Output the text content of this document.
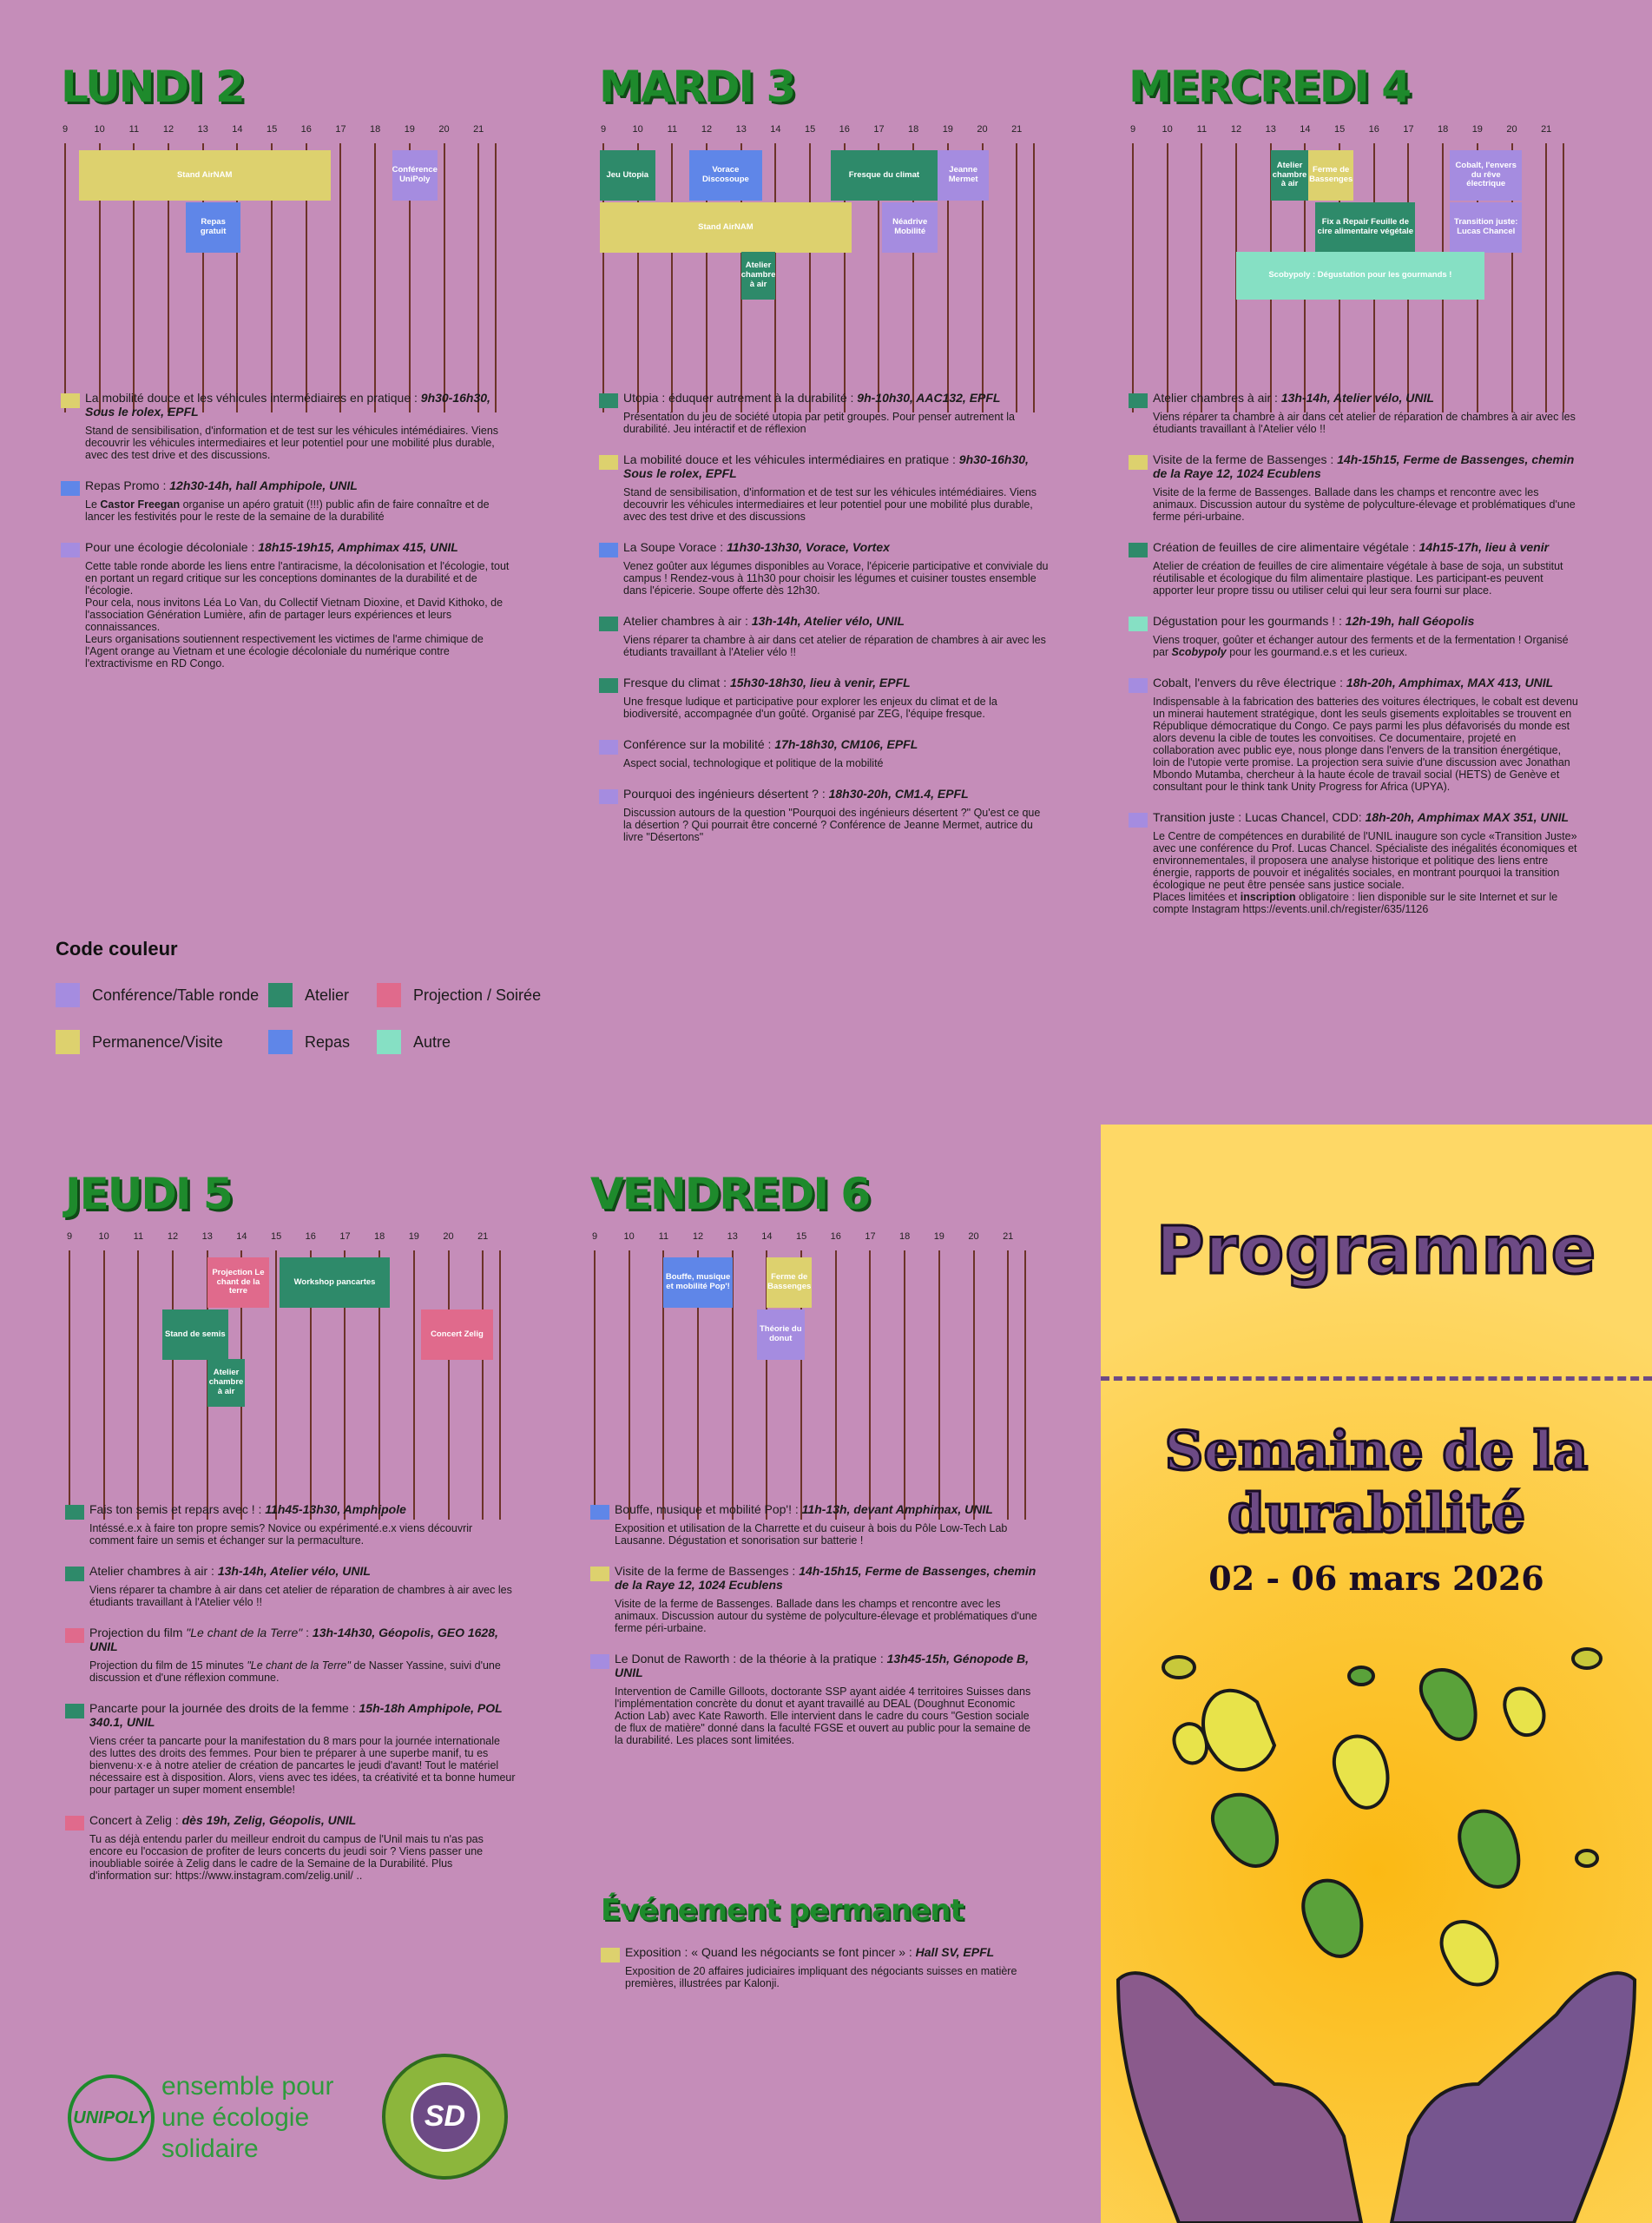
LUNDI 2
9	10	11	12	13	14	15	16	17	18	19	20	21
Stand AirNAM	Conférence UniPoly
Repas gratuit
La mobilité douce et les véhicules intermédiaires en pratique : 9h30-16h30, Sous le rolex, EPFL
Stand de sensibilisation, d'information et de test sur les véhicules intémédiaires. Viens decouvrir les véhicules intermediaires et leur potentiel pour une mobilité plus durable, avec des test drive et des discussions.
Repas Promo : 12h30-14h, hall Amphipole, UNIL
Le Castor Freegan organise un apéro gratuit (!!!) public afin de faire connaître et de lancer les festivités pour le reste de la semaine de la durabilité
Pour une écologie décoloniale : 18h15-19h15, Amphimax 415, UNIL
Cette table ronde aborde les liens entre l'antiracisme, la décolonisation et l'écologie, tout en portant un regard critique sur les conceptions dominantes de la durabilité et de l'écologie.
Pour cela, nous invitons Léa Lo Van, du Collectif Vietnam Dioxine, et David Kithoko, de l'association Génération Lumière, afin de partager leurs expériences et leurs connaissances.
Leurs organisations soutiennent respectivement les victimes de l'arme chimique de l'Agent orange au Vietnam et une écologie décoloniale du numérique contre l'extractivisme en RD Congo.
MARDI 3
9	10	11	12	13	14	15	16	17	18	19	20	21
Jeu Utopia	Vorace Discosoupe	Fresque du climat	Jeanne Mermet
Stand AirNAM	Néadrive Mobilité
Atelier chambre à air
Utopia : éduquer autrement à la durabilité : 9h-10h30, AAC132, EPFL
Présentation du jeu de société utopia par petit groupes. Pour penser autrement la durabilité. Jeu intéractif et de réflexion
La mobilité douce et les véhicules intermédiaires en pratique : 9h30-16h30, Sous le rolex, EPFL
Stand de sensibilisation, d'information et de test sur les véhicules intémédiaires. Viens decouvrir les véhicules intermediaires et leur potentiel pour une mobilité plus durable, avec des test drive et des discussions
La Soupe Vorace : 11h30-13h30, Vorace, Vortex
Venez goûter aux légumes disponibles au Vorace, l'épicerie participative et conviviale du campus ! Rendez-vous à 11h30 pour choisir les légumes et cuisiner toustes ensemble dans l'épicerie. Soupe offerte dès 12h30.
Atelier chambres à air : 13h-14h, Atelier vélo, UNIL
Viens réparer ta chambre à air dans cet atelier de réparation de chambres à air avec les étudiants travaillant à l'Atelier vélo !!
Fresque du climat : 15h30-18h30, lieu à venir, EPFL
Une fresque ludique et participative pour explorer les enjeux du climat et de la biodiversité, accompagnée d'un goûté. Organisé par ZEG, l'équipe fresque.
Conférence sur la mobilité : 17h-18h30, CM106, EPFL
Aspect social, technologique et politique de la mobilité
Pourquoi des ingénieurs désertent ? : 18h30-20h, CM1.4, EPFL
Discussion autours de la question "Pourquoi des ingénieurs désertent ?" Qu'est ce que la désertion ? Qui pourrait être concerné ? Conférence de Jeanne Mermet, autrice du livre "Désertons"
MERCREDI 4
9	10	11	12	13	14	15	16	17	18	19	20	21
Atelier chambre à air
Ferme de Bassenges
Cobalt, l'envers du rêve électrique
Fix a Repair Feuille de cire alimentaire végétale
Transition juste: Lucas Chancel
Scobypoly : Dégustation pour les gourmands !
Atelier chambres à air : 13h-14h, Atelier vélo, UNIL
Viens réparer ta chambre à air dans cet atelier de réparation de chambres à air avec les étudiants travaillant à l'Atelier vélo !!
Visite de la ferme de Bassenges : 14h-15h15, Ferme de Bassenges, chemin de la Raye 12, 1024 Ecublens
Visite de la ferme de Bassenges. Ballade dans les champs et rencontre avec les animaux. Discussion autour du système de polyculture-élevage et problématiques d'une ferme péri-urbaine.
Création de feuilles de cire alimentaire végétale : 14h15-17h, lieu à venir
Atelier de création de feuilles de cire alimentaire végétale à base de soja, un substitut réutilisable et écologique du film alimentaire plastique. Les participant-es peuvent apporter leur propre tissu ou utiliser celui qui leur sera fourni sur place.
Dégustation pour les gourmands ! : 12h-19h, hall Géopolis
Viens troquer, goûter et échanger autour des ferments et de la fermentation ! Organisé par Scobypoly pour les gourmand.e.s et les curieux.
Cobalt, l'envers du rêve électrique : 18h-20h, Amphimax, MAX 413, UNIL
Indispensable à la fabrication des batteries des voitures électriques, le cobalt est devenu un minerai hautement stratégique, dont les seuls gisements exploitables se trouvent en République démocratique du Congo. Ce pays parmi les plus défavorisés du monde est alors devenu la cible de toutes les convoitises. Ce documentaire, projeté en collaboration avec public eye, nous plonge dans l'envers de la transition énergétique, loin de l'utopie verte promise. La projection sera suivie d'une discussion avec Jonathan Mbondo Mutamba, chercheur à la haute école de travail social (HETS) de Genève et consultant pour le think tank Unity Progress for Africa (UPYA).
Transition juste : Lucas Chancel, CDD: 18h-20h, Amphimax MAX 351, UNIL
Le Centre de compétences en durabilité de l'UNIL inaugure son cycle «Transition Juste» avec une conférence du Prof. Lucas Chancel. Spécialiste des inégalités économiques et environnementales, il proposera une analyse historique et politique des liens entre énergie, rapports de pouvoir et inégalités sociales, en montrant pourquoi la transition écologique ne peut être pensée sans justice sociale.
Places limitées et inscription obligatoire : lien disponible sur le site Internet et sur le compte Instagram https://events.unil.ch/register/635/1126
JEUDI 5
9	10	11	12	13	14	15	16	17	18	19	20	21
Projection Le chant de la terre
Workshop pancartes
Stand de semis	Concert Zelig
Atelier chambre à air
Fais ton semis et repars avec ! : 11h45-13h30, Amphipole
Intéssé.e.x à faire ton propre semis? Novice ou expérimenté.e.x viens découvrir comment faire un semis et échanger sur la permaculture.
Atelier chambres à air : 13h-14h, Atelier vélo, UNIL
Viens réparer ta chambre à air dans cet atelier de réparation de chambres à air avec les étudiants travaillant à l'Atelier vélo !!
Projection du film "Le chant de la Terre" : 13h-14h30, Géopolis, GEO 1628, UNIL
Projection du film de 15 minutes "Le chant de la Terre" de Nasser Yassine, suivi d'une discussion et d'une réflexion commune.
Pancarte pour la journée des droits de la femme : 15h-18h Amphipole, POL 340.1, UNIL
Viens créer ta pancarte pour la manifestation du 8 mars pour la journée internationale des luttes des droits des femmes. Pour bien te préparer à une superbe manif, tu es bienvenu·x·e à notre atelier de création de pancartes le jeudi d'avant! Tout le matériel nécessaire est à disposition. Alors, viens avec tes idées, ta créativité et ta bonne humeur pour partager un super moment ensemble!
Concert à Zelig : dès 19h, Zelig, Géopolis, UNIL
Tu as déjà entendu parler du meilleur endroit du campus de l'Unil mais tu n'as pas encore eu l'occasion de profiter de leurs concerts du jeudi soir ? Viens passer une inoubliable soirée à Zelig dans le cadre de la Semaine de la Durabilité. Plus d'information sur: https://www.instagram.com/zelig.unil/ ..
VENDREDI 6
9	10	11	12	13	14	15	16	17	18	19	20	21
Bouffe, musique et mobilité Pop'!
Ferme de Bassenges
Théorie du donut
Bouffe, musique et mobilité Pop'! : 11h-13h, devant Amphimax, UNIL
Exposition et utilisation de la Charrette et du cuiseur à bois du Pôle Low-Tech Lab Lausanne. Dégustation et sonorisation sur batterie !
Visite de la ferme de Bassenges : 14h-15h15, Ferme de Bassenges, chemin de la Raye 12, 1024 Ecublens
Visite de la ferme de Bassenges. Ballade dans les champs et rencontre avec les animaux. Discussion autour du système de polyculture-élevage et problématiques d'une ferme péri-urbaine.
Le Donut de Raworth : de la théorie à la pratique : 13h45-15h, Génopode B, UNIL
Intervention de Camille Gilloots, doctorante SSP ayant aidée 4 territoires Suisses dans l'implémentation concrète du donut et ayant travaillé au DEAL (Doughnut Economic Action Lab) avec Kate Raworth. Elle intervient dans le cadre du cours "Gestion sociale de flux de matière" donné dans la faculté FGSE et ouvert au public pour la semaine de la durabilité. Les places sont limitées.
Code couleur
Conférence/Table ronde	Atelier	Projection / Soirée
Permanence/Visite	Repas	Autre
Événement permanent
Exposition : « Quand les négociants se font pincer » : Hall SV, EPFL
Exposition de 20 affaires judiciaires impliquant des négociants suisses en matière premières, illustrées par Kalonji.
UNIPOLY
ensemble pour
une écologie
solidaire
SD
Programme
Semaine de la
durabilité
02 - 06 mars 2026
